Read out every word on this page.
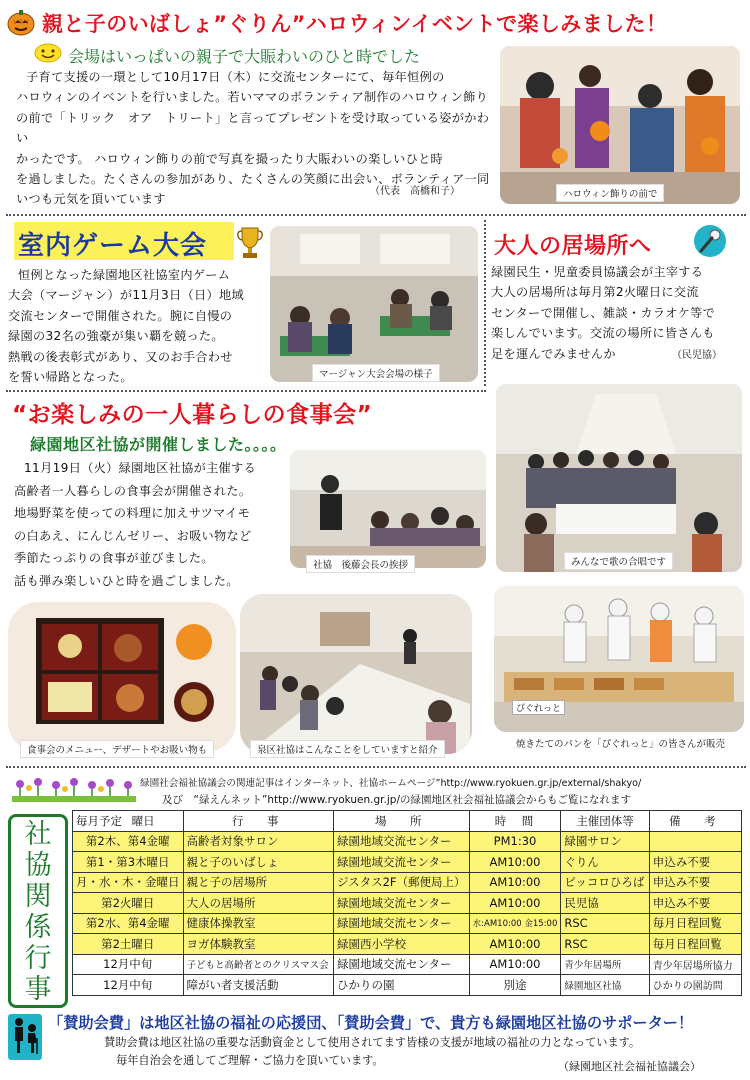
親と子のいばしょ”ぐりん”ハロウィンイベントで楽しみました！
会場はいっぱいの親子で大賑わいのひと時でした
子育て支援の一環として10月17日（木）に交流センターにて、毎年恒例の
ハロウィンのイベントを行いました。若いママのボランティア制作のハロウィン飾り
の前で「トリック　オア　トリート」と言ってプレゼントを受け取っている姿がかわい
かったです。 ハロウィン飾りの前で写真を撮ったり大賑わいの楽しいひと時
を過しました。たくさんの参加があり、たくさんの笑顔に出会い、ボランティア一同
いつも元気を頂いています
（代表　高橋和子）	ハロウィン飾りの前で
室内ゲーム大会
恒例となった緑園地区社協室内ゲーム
大会（マージャン）が11月3日（日）地域
交流センターで開催された。腕に自慢の
緑園の32名の強豪が集い覇を競った。
熱戦の後表彰式があり、又のお手合わせ
を誓い帰路となった。	マージャン大会会場の様子
大人の居場所へ
緑園民生・児童委員協議会が主宰する
大人の居場所は毎月第2火曜日に交流
センターで開催し、雑談・カラオケ等で
楽しんでいます。交流の場所に皆さんも
足を運んでみませんか	（民児協）
“お楽しみの一人暮らしの食事会”
緑園地区社協が開催しました。。。。
11月19日（火）緑園地区社協が主催する
高齢者一人暮らしの食事会が開催された。
地場野菜を使っての料理に加えサツマイモ
の白あえ、にんじんゼリー、お吸い物など
季節たっぷりの食事が並びました。
話も弾み楽しいひと時を過ごしました。
社協　後藤会長の挨拶	みんなで歌の合唱です
食事会のメニュー、デザートやお吸い物も	泉区社協はこんなことをしていますと紹介
ぴぐれっと
焼きたてのパンを「ぴぐれっと」の皆さんが販売
緑園社会福祉協議会の関連記事はインターネット、社協ホームページ”http://www.ryokuen.gr.jp/external/shakyo/
及び　“緑えんネット”http://www.ryokuen.gr.jp/の緑園地区社会福祉協議会からもご覧になれます
社
協
関
係
行
事
毎月予定 曜日	行　事	場　所	時　間	主催団体等	備　考
第2木、第4金曜	高齢者対象サロン	緑園地域交流センター	PM1:30	緑園サロン	
第1・第3木曜日	親と子のいばしょ	緑園地域交流センター	AM10:00	ぐりん	申込み不要
月・水・木・金曜日	親と子の居場所	ジスタス2F（郵便局上）	AM10:00	ピッコロひろば	申込み不要
第2火曜日	大人の居場所	緑園地域交流センター	AM10:00	民児協	申込み不要
第2水、第4金曜	健康体操教室	緑園地域交流センター	水:AM10:00 金15:00	RSC	毎月日程回覧
第2土曜日	ヨガ体験教室	緑園西小学校	AM10:00	RSC	毎月日程回覧
12月中旬	子どもと高齢者とのクリスマス会	緑園地域交流センター	AM10:00	青少年居場所	青少年居場所協力
12月中旬	障がい者支援活動	ひかりの園	別途	緑園地区社協	ひかりの園訪問
「賛助会費」は地区社協の福祉の応援団、「賛助会費」で、貴方も緑園地区社協のサポーター！
賛助会費は地区社協の重要な活動資金として使用されてます皆様の支援が地域の福祉の力となっています。
毎年自治会を通してご理解・ご協力を頂いています。	（緑園地区社会福祉協議会）
